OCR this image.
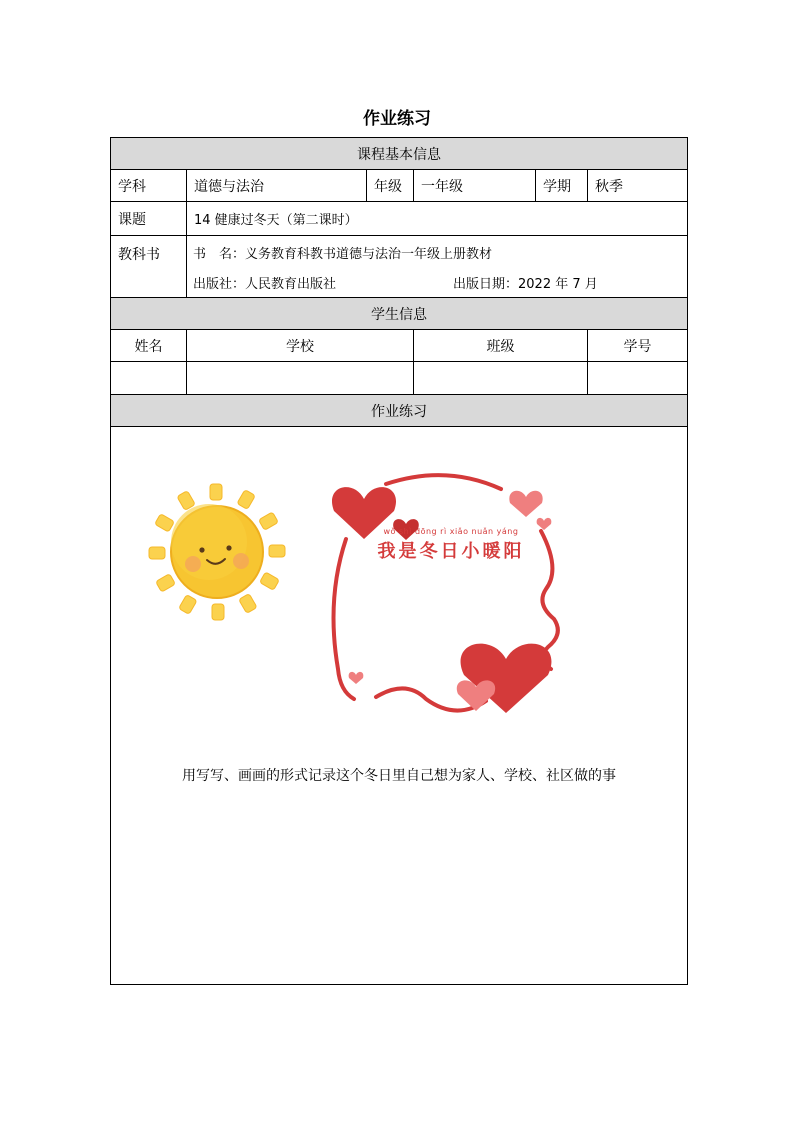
作业练习
课程基本信息
学科	道德与法治	年级	一年级	学期	秋季
课题	14 健康过冬天（第二课时）
教科书	书　名：义务教育科教书道德与法治一年级上册教材
出版社：人民教育出版社	出版日期：2022 年 7 月
学生信息
姓名	学校	班级	学号
作业练习
wǒ shì dōng rì xiǎo nuǎn yáng
我是冬日小暖阳
用写写、画画的形式记录这个冬日里自己想为家人、学校、社区做的事
